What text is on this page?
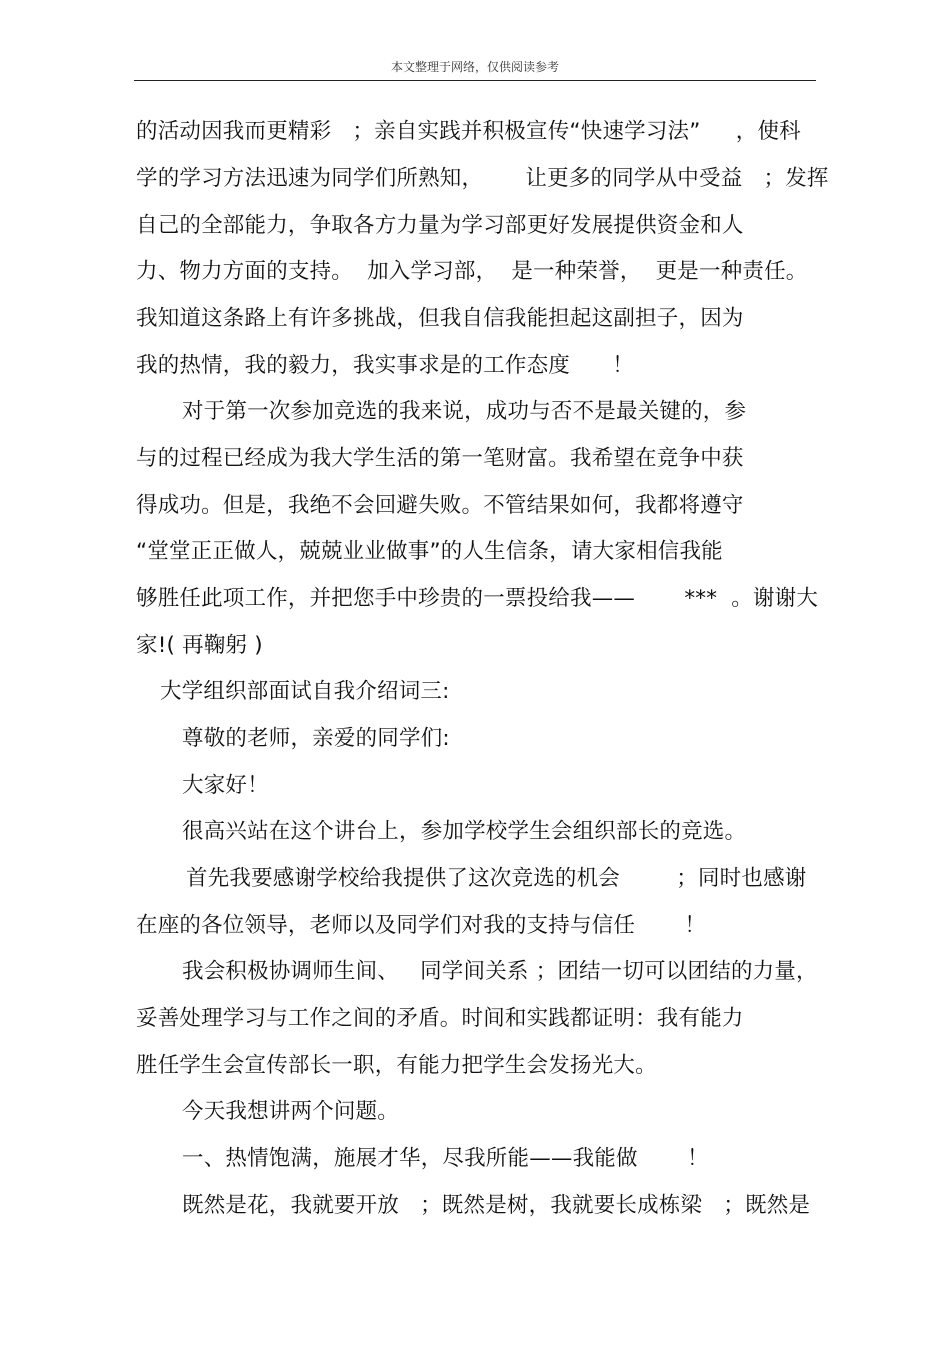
本文整理于网络，仅供阅读参考
的活动因我而更精彩   ；亲自实践并积极宣传“快速学习法”     ，使科
学的学习方法迅速为同学们所熟知，      让更多的同学从中受益   ；发挥
自己的全部能力，争取各方力量为学习部更好发展提供资金和人
力、物力方面的支持。  加入学习部，  是一种荣誉，  更是一种责任。
我知道这条路上有许多挑战，但我自信我能担起这副担子，因为
我的热情，我的毅力，我实事求是的工作态度      ！
对于第一次参加竞选的我来说，成功与否不是最关键的，参
与的过程已经成为我大学生活的第一笔财富。我希望在竞争中获
得成功。但是，我绝不会回避失败。不管结果如何，我都将遵守
“堂堂正正做人，兢兢业业做事”的人生信条，请大家相信我能
够胜任此项工作，并把您手中珍贵的一票投给我——       ***  。谢谢大
家!( 再鞠躬 )
大学组织部面试自我介绍词三:
尊敬的老师，亲爱的同学们:
大家好！
很高兴站在这个讲台上，参加学校学生会组织部长的竞选。
首先我要感谢学校给我提供了这次竞选的机会        ；同时也感谢
在座的各位领导，老师以及同学们对我的支持与信任       ！
我会积极协调师生间、   同学间关系 ；团结一切可以团结的力量，
妥善处理学习与工作之间的矛盾。时间和实践都证明：我有能力
胜任学生会宣传部长一职，有能力把学生会发扬光大。
今天我想讲两个问题。
一、热情饱满，施展才华，尽我所能——我能做       ！
既然是花，我就要开放   ；既然是树，我就要长成栋梁   ；既然是
